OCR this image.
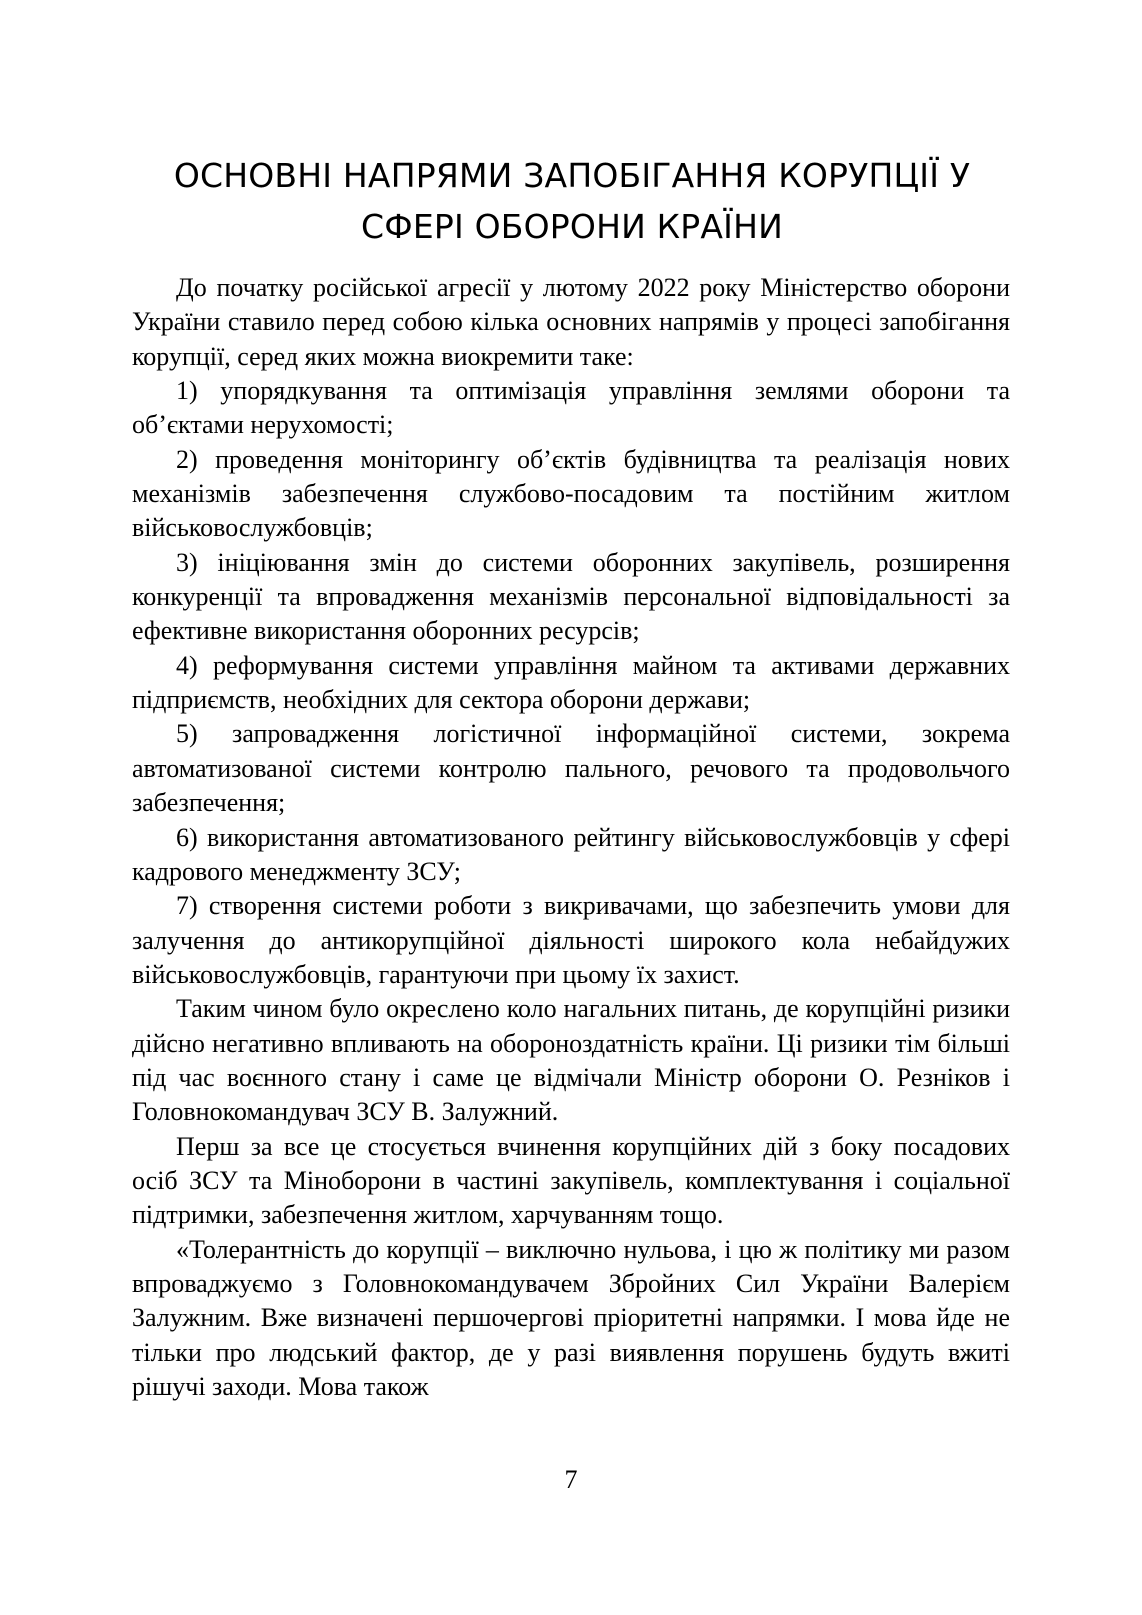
ОСНОВНІ НАПРЯМИ ЗАПОБІГАННЯ КОРУПЦІЇ У СФЕРІ ОБОРОНИ КРАЇНИ

До початку російської агресії у лютому 2022 року Міністерство оборони України ставило перед собою кілька основних напрямів у процесі запобігання корупції, серед яких можна виокремити таке:

1) упорядкування та оптимізація управління землями оборони та об’єктами нерухомості;

2) проведення моніторингу об’єктів будівництва та реалізація нових механізмів забезпечення службово-посадовим та постійним житлом військовослужбовців;

3) ініціювання змін до системи оборонних закупівель, розширення конкуренції та впровадження механізмів персональної відповідальності за ефективне використання оборонних ресурсів;

4) реформування системи управління майном та активами державних підприємств, необхідних для сектора оборони держави;

5) запровадження логістичної інформаційної системи, зокрема автоматизованої системи контролю пального, речового та продовольчого забезпечення;

6) використання автоматизованого рейтингу військовослужбовців у сфері кадрового менеджменту ЗСУ;

7) створення системи роботи з викривачами, що забезпечить умови для залучення до антикорупційної діяльності широкого кола небайдужих військовослужбовців, гарантуючи при цьому їх захист.

Таким чином було окреслено коло нагальних питань, де корупційні ризики дійсно негативно впливають на обороноздатність країни. Ці ризики тім більші під час воєнного стану і саме це відмічали Міністр оборони О. Резніков і Головнокомандувач ЗСУ В. Залужний.

Перш за все це стосується вчинення корупційних дій з боку посадових осіб ЗСУ та Міноборони в частині закупівель, комплектування і соціальної підтримки, забезпечення житлом, харчуванням тощо.

«Толерантність до корупції – виключно нульова, і цю ж політику ми разом впроваджуємо з Головнокомандувачем Збройних Сил України Валерієм Залужним. Вже визначені першочергові пріоритетні напрямки. І мова йде не тільки про людський фактор, де у разі виявлення порушень будуть вжиті рішучі заходи. Мова також

7
